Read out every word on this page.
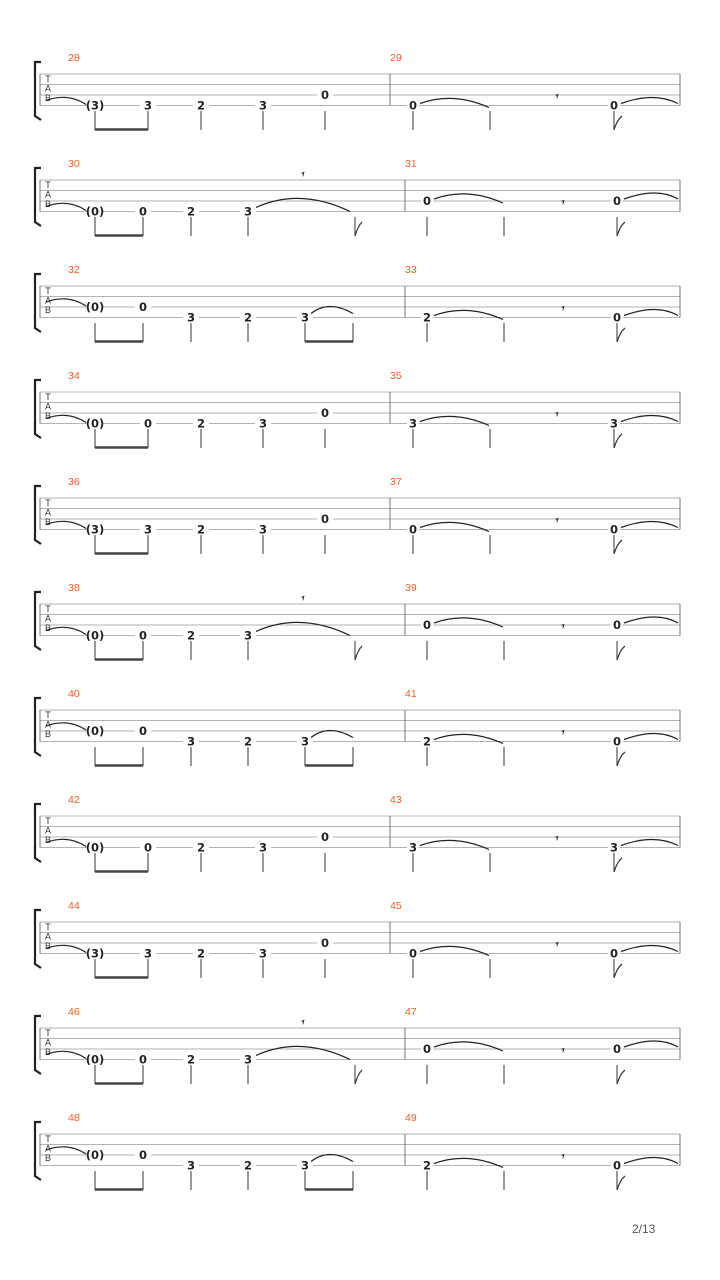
T
A
B
28	29
(3)	3	2	3
0
0
𝄾
0
T
A
B
30	31
(0)	0	2	3
𝄾
0	𝄾	0
T
A
B
32	33
(0)	0
3	2	3	2
𝄾
0
T
A
B
34	35
(0)	0	2	3
0
3
𝄾
3
T
A
B
36	37
(3)	3	2	3
0
0
𝄾
0
T
A
B
38	39
(0)	0	2	3
𝄾
0	𝄾	0
T
A
B
40	41
(0)	0
3	2	3	2
𝄾
0
T
A
B
42	43
(0)	0	2	3
0
3
𝄾
3
T
A
B
44	45
(3)	3	2	3
0
0
𝄾
0
T
A
B
46	47
(0)	0	2	3
𝄾
0	𝄾	0
T
A
B
48	49
(0)	0
3	2	3	2
𝄾
0
2/13
